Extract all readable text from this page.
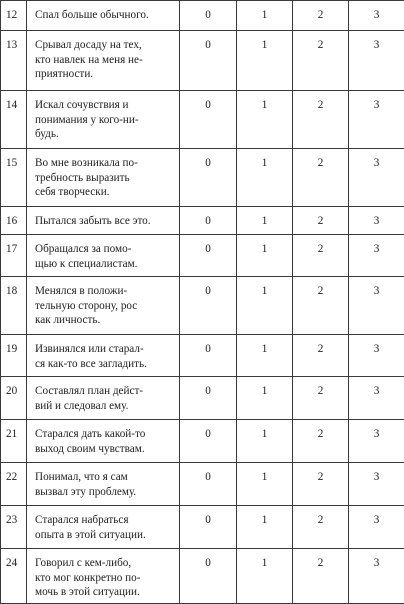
12	Спал больше обычного.	0	1	2	3
13	Срывал досаду на тех,
кто навлек на меня не-
приятности.	0	1	2	3
14	Искал сочувствия и
понимания у кого-ни-
будь.	0	1	2	3
15	Во мне возникала по-
требность выразить
себя творчески.	0	1	2	3
16	Пытался забыть все это.	0	1	2	3
17	Обращался за помо-
щью к специалистам.	0	1	2	3
18	Менялся в положи-
тельную сторону, рос
как личность.	0	1	2	3
19	Извинялся или старал-
ся как-то все загладить.	0	1	2	3
20	Составлял план дейст-
вий и следовал ему.	0	1	2	3
21	Старался дать какой-то
выход своим чувствам.	0	1	2	3
22	Понимал, что я сам
вызвал эту проблему.	0	1	2	3
23	Старался набраться
опыта в этой ситуации.	0	1	2	3
24	Говорил с кем-либо,
кто мог конкретно по-
мочь в этой ситуации.	0	1	2	3
